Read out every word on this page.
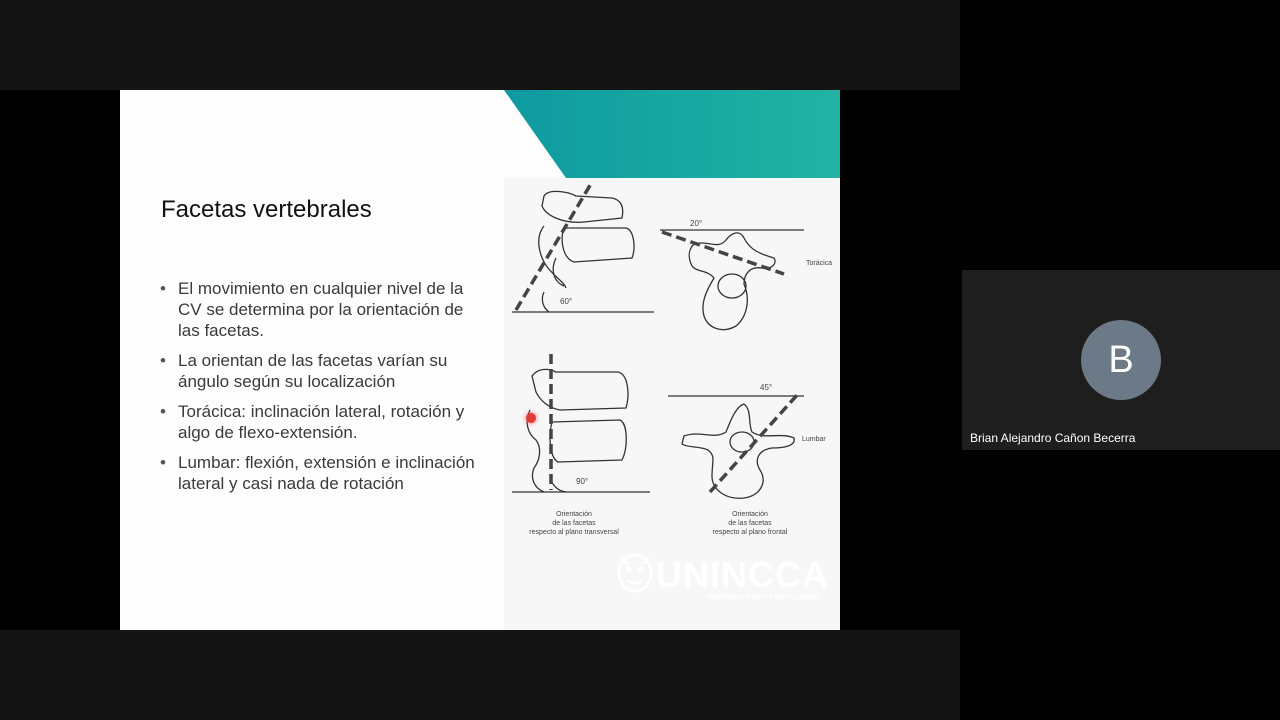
Facetas vertebrales
• El movimiento en cualquier nivel de la CV se determina por la orientación de las facetas.
• La orientan de las facetas varían su ángulo según su localización
• Torácica: inclinación lateral, rotación y algo de flexo-extensión.
• Lumbar: flexión, extensión e inclinación lateral y casi nada de rotación
60°
20°
90°
45°
Torácica
Lumbar
Orientación
de las facetas
respecto al plano transversal
Orientación
de las facetas
respecto al plano frontal
UNINCCA
UNIVERSIDAD INCCA DE COLOMBIA
B
Brian Alejandro Cañon Becerra
